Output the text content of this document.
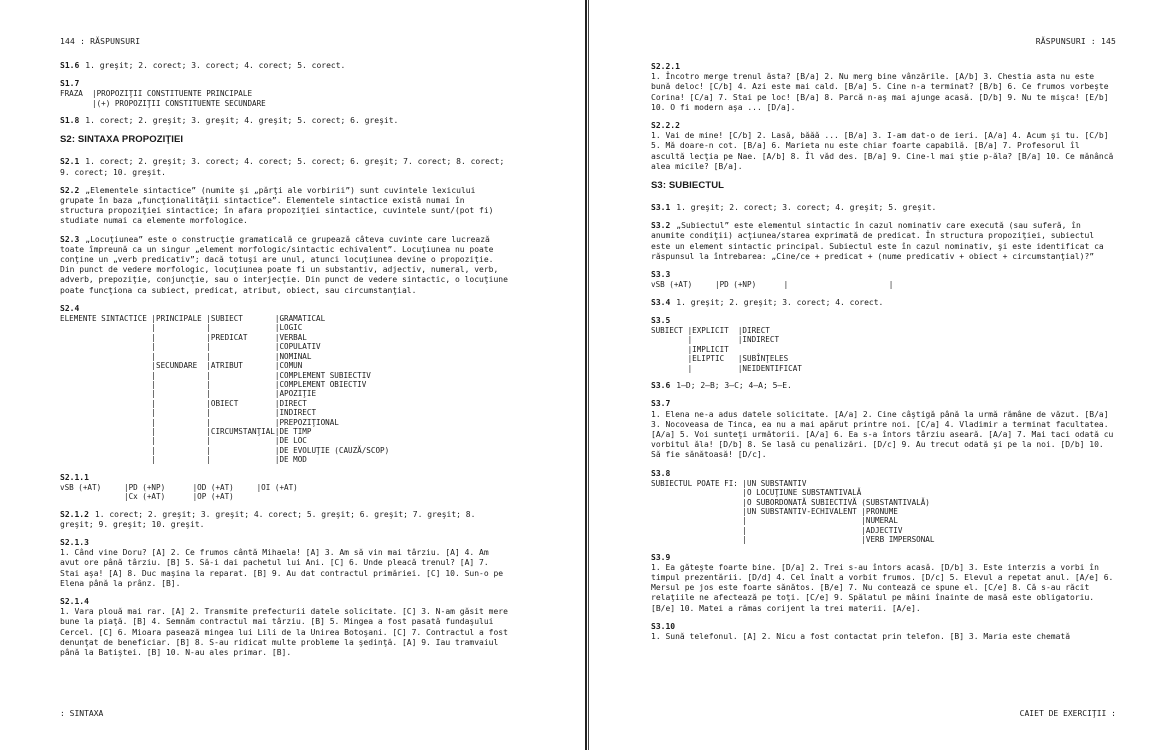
144 : RĂSPUNSURI
S1.6 1. greşit; 2. corect; 3. corect; 4. corect; 5. corect.
S1.7
FRAZA  |PROPOZIŢII CONSTITUENTE PRINCIPALE
|(+) PROPOZIŢII CONSTITUENTE SECUNDARE
S1.8 1. corect; 2. greşit; 3. greşit; 4. greşit; 5. corect; 6. greşit.
S2: SINTAXA PROPOZIŢIEI
S2.1 1. corect; 2. greşit; 3. corect; 4. corect; 5. corect; 6. greşit; 7. corect; 8. corect; 9. corect; 10. greşit.
S2.2 „Elementele sintactice” (numite şi „părţi ale vorbirii”) sunt cuvintele lexicului grupate în baza „funcţionalităţii sintactice”. Elementele sintactice există numai în structura propoziţiei sintactice; în afara propoziţiei sintactice, cuvintele sunt/(pot fi) studiate numai ca elemente morfologice.
S2.3 „Locuţiunea” este o construcţie gramaticală ce grupează câteva cuvinte care lucrează toate împreună ca un singur „element morfologic/sintactic echivalent”. Locuţiunea nu poate conţine un „verb predicativ”; dacă totuşi are unul, atunci locuţiunea devine o propoziţie. Din punct de vedere morfologic, locuţiunea poate fi un substantiv, adjectiv, numeral, verb, adverb, prepoziţie, conjuncţie, sau o interjecţie. Din punct de vedere sintactic, o locuţiune poate funcţiona ca subiect, predicat, atribut, obiect, sau circumstanţial.
S2.4
ELEMENTE SINTACTICE |PRINCIPALE |SUBIECT       |GRAMATICAL
|           |              |LOGIC
|           |PREDICAT      |VERBAL
|           |              |COPULATIV
|           |              |NOMINAL
|SECUNDARE  |ATRIBUT       |COMUN
|           |              |COMPLEMENT SUBIECTIV
|           |              |COMPLEMENT OBIECTIV
|           |              |APOZIŢIE
|           |OBIECT        |DIRECT
|           |              |INDIRECT
|           |              |PREPOZIŢIONAL
|           |CIRCUMSTANŢIAL|DE TIMP
|           |              |DE LOC
|           |              |DE EVOLUŢIE (CAUZĂ/SCOP)
|           |              |DE MOD
S2.1.1
vSB (+AT)     |PD (+NP)      |OD (+AT)     |OI (+AT)
|Cx (+AT)      |OP (+AT)
S2.1.2 1. corect; 2. greşit; 3. greşit; 4. corect; 5. greşit; 6. greşit; 7. greşit; 8. greşit; 9. greşit; 10. greşit.
S2.1.3
1. Când vine Doru? [A] 2. Ce frumos cântă Mihaela! [A] 3. Am să vin mai târziu. [A] 4. Am avut ore până târziu. [B] 5. Să-i dai pachetul lui Ani. [C] 6. Unde pleacă trenul? [A] 7. Stai aşa! [A] 8. Duc maşina la reparat. [B] 9. Au dat contractul primăriei. [C] 10. Sun-o pe Elena până la prânz. [B].
S2.1.4
1. Vara plouă mai rar. [A] 2. Transmite prefecturii datele solicitate. [C] 3. N-am găsit mere bune la piaţă. [B] 4. Semnăm contractul mai târziu. [B] 5. Mingea a fost pasată fundaşului Cercel. [C] 6. Mioara pasează mingea lui Lili de la Unirea Botoşani. [C] 7. Contractul a fost denunţat de beneficiar. [B] 8. S-au ridicat multe probleme la şedinţă. [A] 9. Iau tramvaiul până la Batiştei. [B] 10. N-au ales primar. [B].
: SINTAXA
RĂSPUNSURI : 145
S2.2.1
1. Încotro merge trenul ăsta? [B/a] 2. Nu merg bine vânzările. [A/b] 3. Chestia asta nu este bună deloc! [C/b] 4. Azi este mai cald. [B/a] 5. Cine n-a terminat? [B/b] 6. Ce frumos vorbeşte Corina! [C/a] 7. Stai pe loc! [B/a] 8. Parcă n-aş mai ajunge acasă. [D/b] 9. Nu te mişca! [E/b] 10. O fi modern aşa ... [D/a].
S2.2.2
1. Vai de mine! [C/b] 2. Lasă, băăă ... [B/a] 3. I-am dat-o de ieri. [A/a] 4. Acum şi tu. [C/b] 5. Mă doare-n cot. [B/a] 6. Marieta nu este chiar foarte capabilă. [B/a] 7. Profesorul îl ascultă lecţia pe Nae. [A/b] 8. Îl văd des. [B/a] 9. Cine-l mai ştie p-ăla? [B/a] 10. Ce mănâncă alea micile? [B/a].
S3: SUBIECTUL
S3.1 1. greşit; 2. corect; 3. corect; 4. greşit; 5. greşit.
S3.2 „Subiectul” este elementul sintactic în cazul nominativ care execută (sau suferă, în anumite condiţii) acţiunea/starea exprimată de predicat. În structura propoziţiei, subiectul este un element sintactic principal. Subiectul este în cazul nominativ, şi este identificat ca răspunsul la întrebarea: „Cine/ce + predicat + (nume predicativ + obiect + circumstanţial)?”
S3.3
vSB (+AT)     |PD (+NP)      |                      |
S3.4 1. greşit; 2. greşit; 3. corect; 4. corect.
S3.5
SUBIECT |EXPLICIT  |DIRECT
|          |INDIRECT
|IMPLICIT
|ELIPTIC   |SUBÎNŢELES
|          |NEIDENTIFICAT
S3.6 1–D; 2–B; 3–C; 4–A; 5–E.
S3.7
1. Elena ne-a adus datele solicitate. [A/a] 2. Cine câştigă până la urmă rămâne de văzut. [B/a] 3. Nocoveasa de Tinca, ea nu a mai apărut printre noi. [C/a] 4. Vladimir a terminat facultatea. [A/a] 5. Voi sunteţi următorii. [A/a] 6. Ea s-a întors târziu aseară. [A/a] 7. Mai taci odată cu vorbitul ăla! [D/b] 8. Se lasă cu penalizări. [D/c] 9. Au trecut odată şi pe la noi. [D/b] 10. Să fie sănătoasă! [D/c].
S3.8
SUBIECTUL POATE FI: |UN SUBSTANTIV
|O LOCUŢIUNE SUBSTANTIVALĂ
|O SUBORDONATĂ SUBIECTIVĂ (SUBSTANTIVALĂ)
|UN SUBSTANTIV-ECHIVALENT |PRONUME
|                         |NUMERAL
|                         |ADJECTIV
|                         |VERB IMPERSONAL
S3.9
1. Ea găteşte foarte bine. [D/a] 2. Trei s-au întors acasă. [D/b] 3. Este interzis a vorbi în timpul prezentării. [D/d] 4. Cel înalt a vorbit frumos. [D/c] 5. Elevul a repetat anul. [A/e] 6. Mersul pe jos este foarte sănătos. [B/e] 7. Nu contează ce spune el. [C/e] 8. Că s-au răcit relaţiile ne afectează pe toţi. [C/e] 9. Spălatul pe mâini înainte de masă este obligatoriu. [B/e] 10. Matei a rămas corijent la trei materii. [A/e].
S3.10
1. Sună telefonul. [A] 2. Nicu a fost contactat prin telefon. [B] 3. Maria este chemată
CAIET DE EXERCIŢII :
